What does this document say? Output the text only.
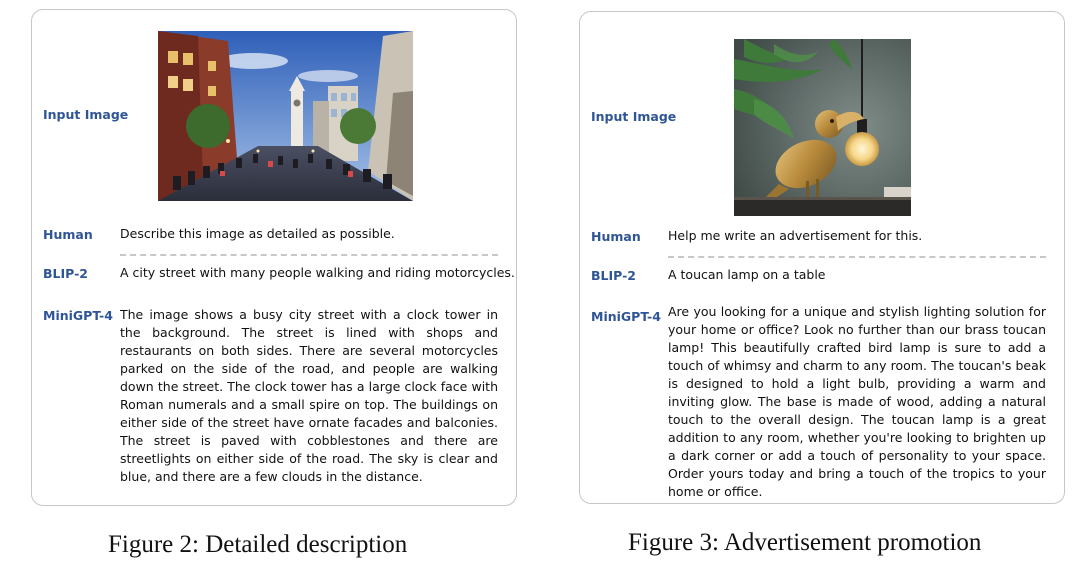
Input Image
Human Describe this image as detailed as possible.
BLIP-2	A city street with many people walking and riding motorcycles.
MiniGPT-4 The image shows a busy city street with a clock tower in the background. The street is lined with shops and restaurants on both sides. There are several motorcycles parked on the side of the road, and people are walking down the street. The clock tower has a large clock face with Roman numerals and a small spire on top. The buildings on either side of the street have ornate facades and balconies. The street is paved with cobblestones and there are streetlights on either side of the road. The sky is clear and blue, and there are a few clouds in the distance.
Figure 2: Detailed description
Input Image
Human Help me write an advertisement for this.
BLIP-2	A toucan lamp on a table
MiniGPT-4 Are you looking for a unique and stylish lighting solution for your home or office? Look no further than our brass toucan lamp! This beautifully crafted bird lamp is sure to add a touch of whimsy and charm to any room. The toucan's beak is designed to hold a light bulb, providing a warm and inviting glow. The base is made of wood, adding a natural touch to the overall design. The toucan lamp is a great addition to any room, whether you're looking to brighten up a dark corner or add a touch of personality to your space. Order yours today and bring a touch of the tropics to your home or office.
Figure 3: Advertisement promotion
